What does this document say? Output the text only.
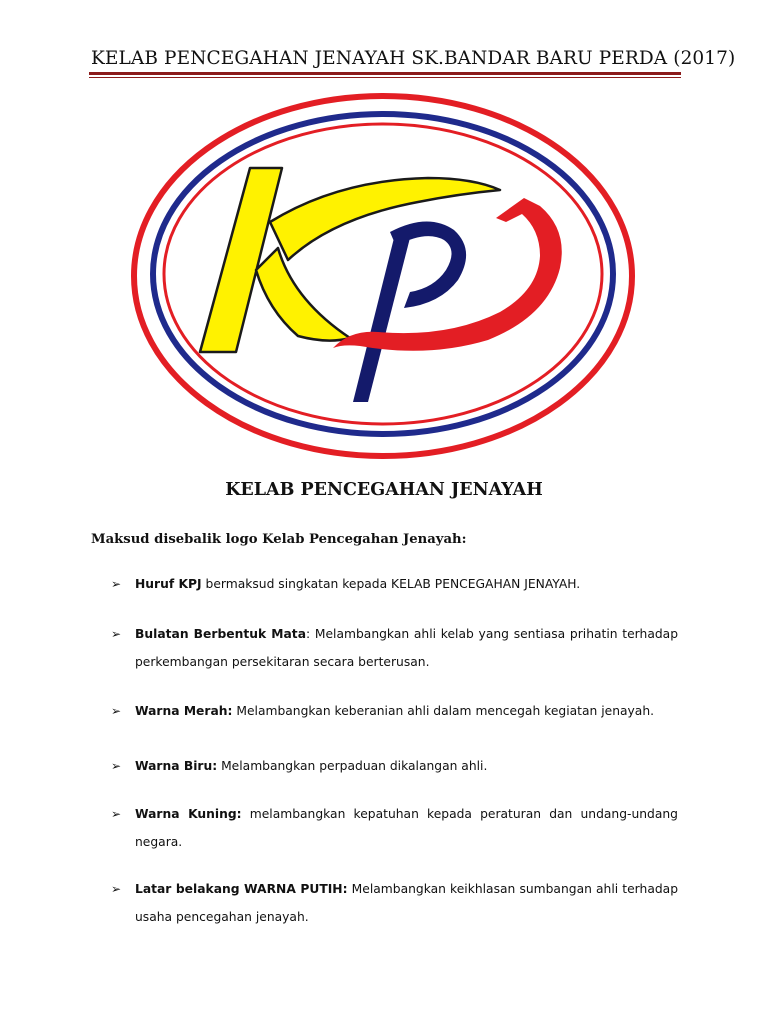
KELAB PENCEGAHAN JENAYAH SK.BANDAR BARU PERDA (2017)
KELAB PENCEGAHAN JENAYAH
Maksud disebalik logo Kelab Pencegahan Jenayah:
➢	Huruf KPJ bermaksud singkatan kepada KELAB PENCEGAHAN JENAYAH.
➢	Bulatan Berbentuk Mata: Melambangkan ahli kelab yang sentiasa prihatin terhadap perkembangan persekitaran secara berterusan.
➢	Warna Merah: Melambangkan keberanian ahli dalam mencegah kegiatan jenayah.
➢	Warna Biru: Melambangkan perpaduan dikalangan ahli.
➢	Warna Kuning: melambangkan kepatuhan kepada peraturan dan undang-undang negara.
➢	Latar belakang WARNA PUTIH: Melambangkan keikhlasan sumbangan ahli terhadap usaha pencegahan jenayah.
